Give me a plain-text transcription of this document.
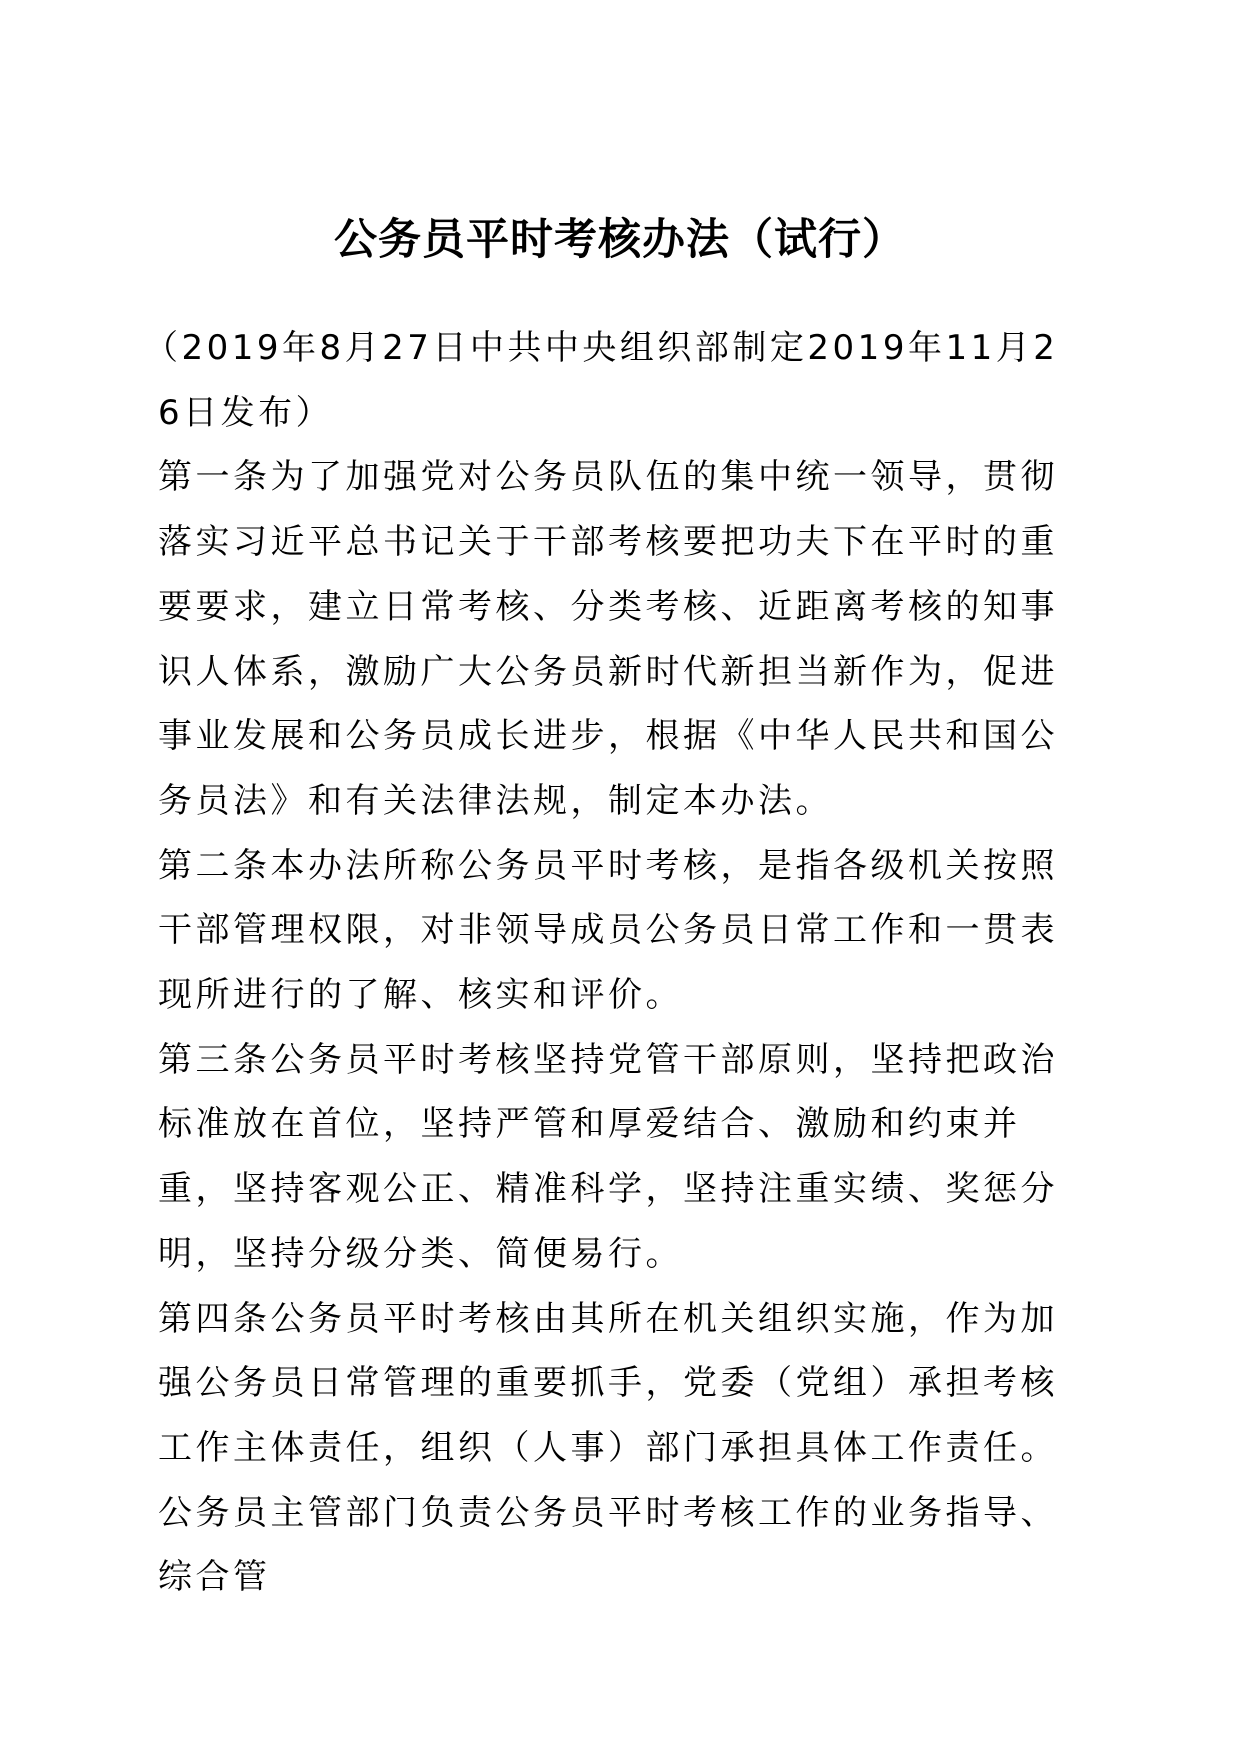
公务员平时考核办法（试行）

（2019年8月27日中共中央组织部制定2019年11月26日发布）

第一条为了加强党对公务员队伍的集中统一领导，贯彻落实习近平总书记关于干部考核要把功夫下在平时的重要要求，建立日常考核、分类考核、近距离考核的知事识人体系，激励广大公务员新时代新担当新作为，促进事业发展和公务员成长进步，根据《中华人民共和国公务员法》和有关法律法规，制定本办法。

第二条本办法所称公务员平时考核，是指各级机关按照干部管理权限，对非领导成员公务员日常工作和一贯表现所进行的了解、核实和评价。

第三条公务员平时考核坚持党管干部原则，坚持把政治标准放在首位，坚持严管和厚爱结合、激励和约束并重，坚持客观公正、精准科学，坚持注重实绩、奖惩分明，坚持分级分类、简便易行。

第四条公务员平时考核由其所在机关组织实施，作为加强公务员日常管理的重要抓手，党委（党组）承担考核工作主体责任，组织（人事）部门承担具体工作责任。

公务员主管部门负责公务员平时考核工作的业务指导、综合管
